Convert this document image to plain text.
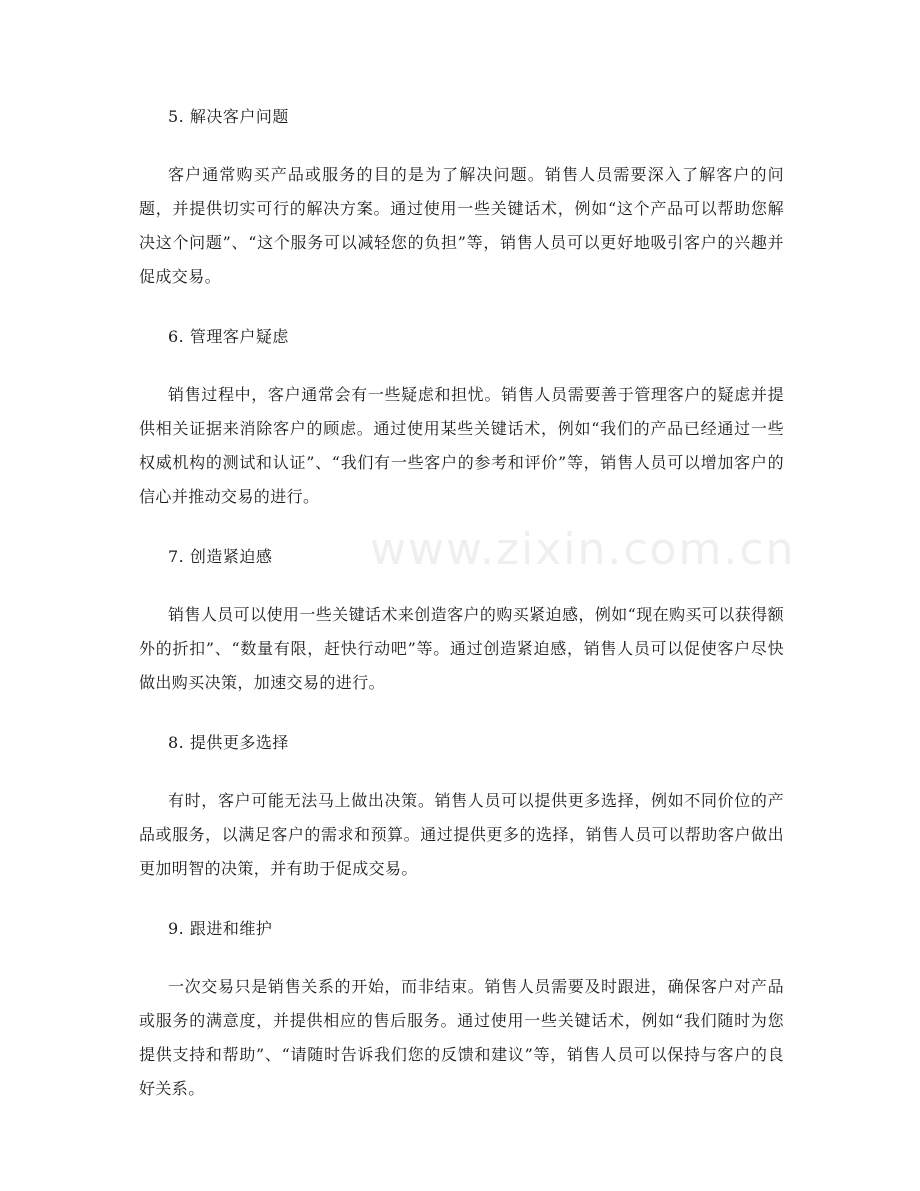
www.zixin.com.cn

5. 解决客户问题

客户通常购买产品或服务的目的是为了解决问题。销售人员需要深入了解客户的问题，并提供切实可行的解决方案。通过使用一些关键话术，例如“这个产品可以帮助您解决这个问题”、“这个服务可以减轻您的负担”等，销售人员可以更好地吸引客户的兴趣并促成交易。

6. 管理客户疑虑

销售过程中，客户通常会有一些疑虑和担忧。销售人员需要善于管理客户的疑虑并提供相关证据来消除客户的顾虑。通过使用某些关键话术，例如“我们的产品已经通过一些权威机构的测试和认证”、“我们有一些客户的参考和评价”等，销售人员可以增加客户的信心并推动交易的进行。

7. 创造紧迫感

销售人员可以使用一些关键话术来创造客户的购买紧迫感，例如“现在购买可以获得额外的折扣”、“数量有限，赶快行动吧”等。通过创造紧迫感，销售人员可以促使客户尽快做出购买决策，加速交易的进行。

8. 提供更多选择

有时，客户可能无法马上做出决策。销售人员可以提供更多选择，例如不同价位的产品或服务，以满足客户的需求和预算。通过提供更多的选择，销售人员可以帮助客户做出更加明智的决策，并有助于促成交易。

9. 跟进和维护

一次交易只是销售关系的开始，而非结束。销售人员需要及时跟进，确保客户对产品或服务的满意度，并提供相应的售后服务。通过使用一些关键话术，例如“我们随时为您提供支持和帮助”、“请随时告诉我们您的反馈和建议”等，销售人员可以保持与客户的良好关系。
